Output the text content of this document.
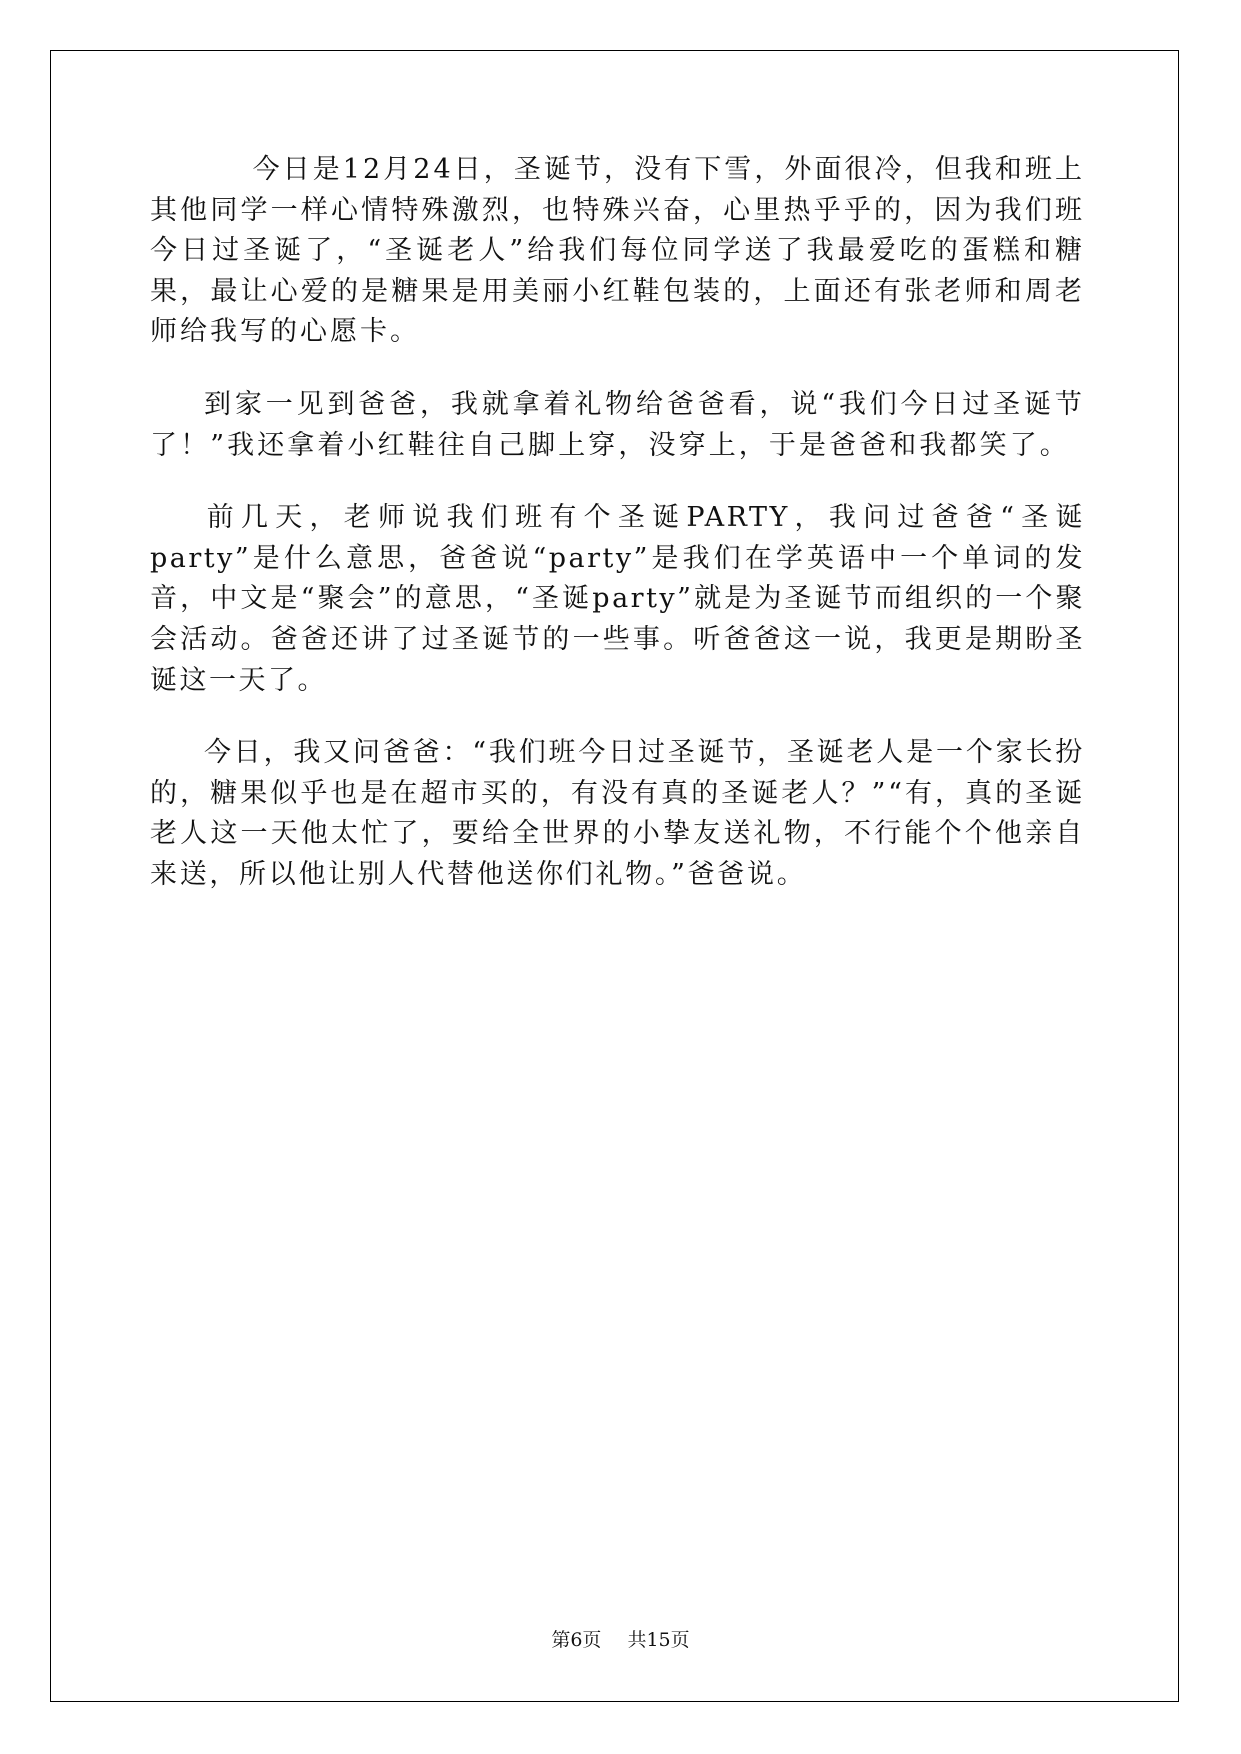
今日是12月24日，圣诞节，没有下雪，外面很冷，但我和班上其他同学一样心情特殊激烈，也特殊兴奋，心里热乎乎的，因为我们班今日过圣诞了，“圣诞老人”给我们每位同学送了我最爱吃的蛋糕和糖果，最让心爱的是糖果是用美丽小红鞋包装的，上面还有张老师和周老师给我写的心愿卡。

到家一见到爸爸，我就拿着礼物给爸爸看，说“我们今日过圣诞节了！”我还拿着小红鞋往自己脚上穿，没穿上，于是爸爸和我都笑了。

前几天，老师说我们班有个圣诞PARTY，我问过爸爸“圣诞party”是什么意思，爸爸说“party”是我们在学英语中一个单词的发音，中文是“聚会”的意思，“圣诞party”就是为圣诞节而组织的一个聚会活动。爸爸还讲了过圣诞节的一些事。听爸爸这一说，我更是期盼圣诞这一天了。

今日，我又问爸爸：“我们班今日过圣诞节，圣诞老人是一个家长扮的，糖果似乎也是在超市买的，有没有真的圣诞老人？”“有，真的圣诞老人这一天他太忙了，要给全世界的小挚友送礼物，不行能个个他亲自来送，所以他让别人代替他送你们礼物。”爸爸说。

第6页 共15页
